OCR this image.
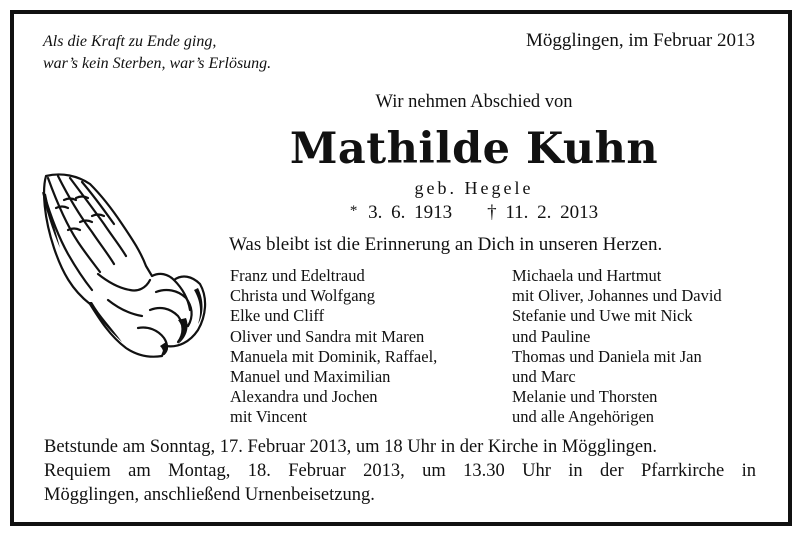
Als die Kraft zu Ende ging,
war’s kein Sterben, war’s Erlösung.
Mögglingen, im Februar 2013
Wir nehmen Abschied von
Mathilde Kuhn
geb. Hegele
* 3. 6. 1913 † 11. 2. 2013
Was bleibt ist die Erinnerung an Dich in unseren Herzen.
Franz und Edeltraud
Christa und Wolfgang
Elke und Cliff
Oliver und Sandra mit Maren
Manuela mit Dominik, Raffael,
Manuel und Maximilian
Alexandra und Jochen
mit Vincent
Michaela und Hartmut
mit Oliver, Johannes und David
Stefanie und Uwe mit Nick
und Pauline
Thomas und Daniela mit Jan
und Marc
Melanie und Thorsten
und alle Angehörigen
Betstunde am Sonntag, 17. Februar 2013, um 18 Uhr in der Kirche in Mögglingen.
Requiem am Montag, 18. Februar 2013, um 13.30 Uhr in der Pfarrkirche in
Mögglingen, anschließend Urnenbeisetzung.
